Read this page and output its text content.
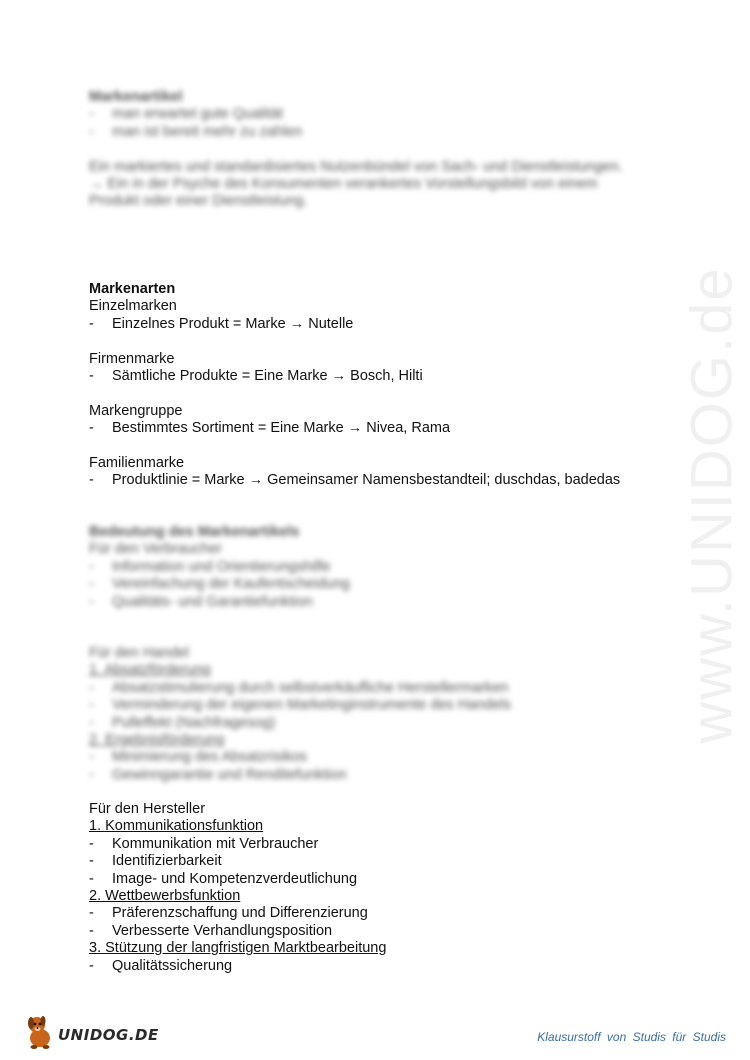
www.UNIDOG.de
Markenartikel
- man erwartet gute Qualität
- man ist bereit mehr zu zahlen
Ein markiertes und standardisiertes Nutzenbündel von Sach- und Dienstleistungen.
→ Ein in der Psyche des Konsumenten verankertes Vorstellungsbild von einem
Produkt oder einer Dienstleistung.
Markenarten
Einzelmarken
- Einzelnes Produkt = Marke → Nutelle
Firmenmarke
- Sämtliche Produkte = Eine Marke → Bosch, Hilti
Markengruppe
- Bestimmtes Sortiment = Eine Marke → Nivea, Rama
Familienmarke
- Produktlinie = Marke → Gemeinsamer Namensbestandteil; duschdas, badedas
Bedeutung des Markenartikels
Für den Verbraucher
- Information und Orientierungshilfe
- Vereinfachung der Kaufentscheidung
- Qualitäts- und Garantiefunktion
Für den Handel
1. Absatzförderung
- Absatzstimulierung durch selbstverkäufliche Herstellermarken
- Verminderung der eigenen Marketinginstrumente des Handels
- Pulleffekt (Nachfragesog)
2. Ergebnisförderung
- Minimierung des Absatzrisikos
- Gewinngarantie und Renditefunktion
Für den Hersteller
1. Kommunikationsfunktion
- Kommunikation mit Verbraucher
- Identifizierbarkeit
- Image- und Kompetenzverdeutlichung
2. Wettbewerbsfunktion
- Präferenzschaffung und Differenzierung
- Verbesserte Verhandlungsposition
3. Stützung der langfristigen Marktbearbeitung
- Qualitätssicherung
UNIDOG.DE	Klausurstoff von Studis für Studis
